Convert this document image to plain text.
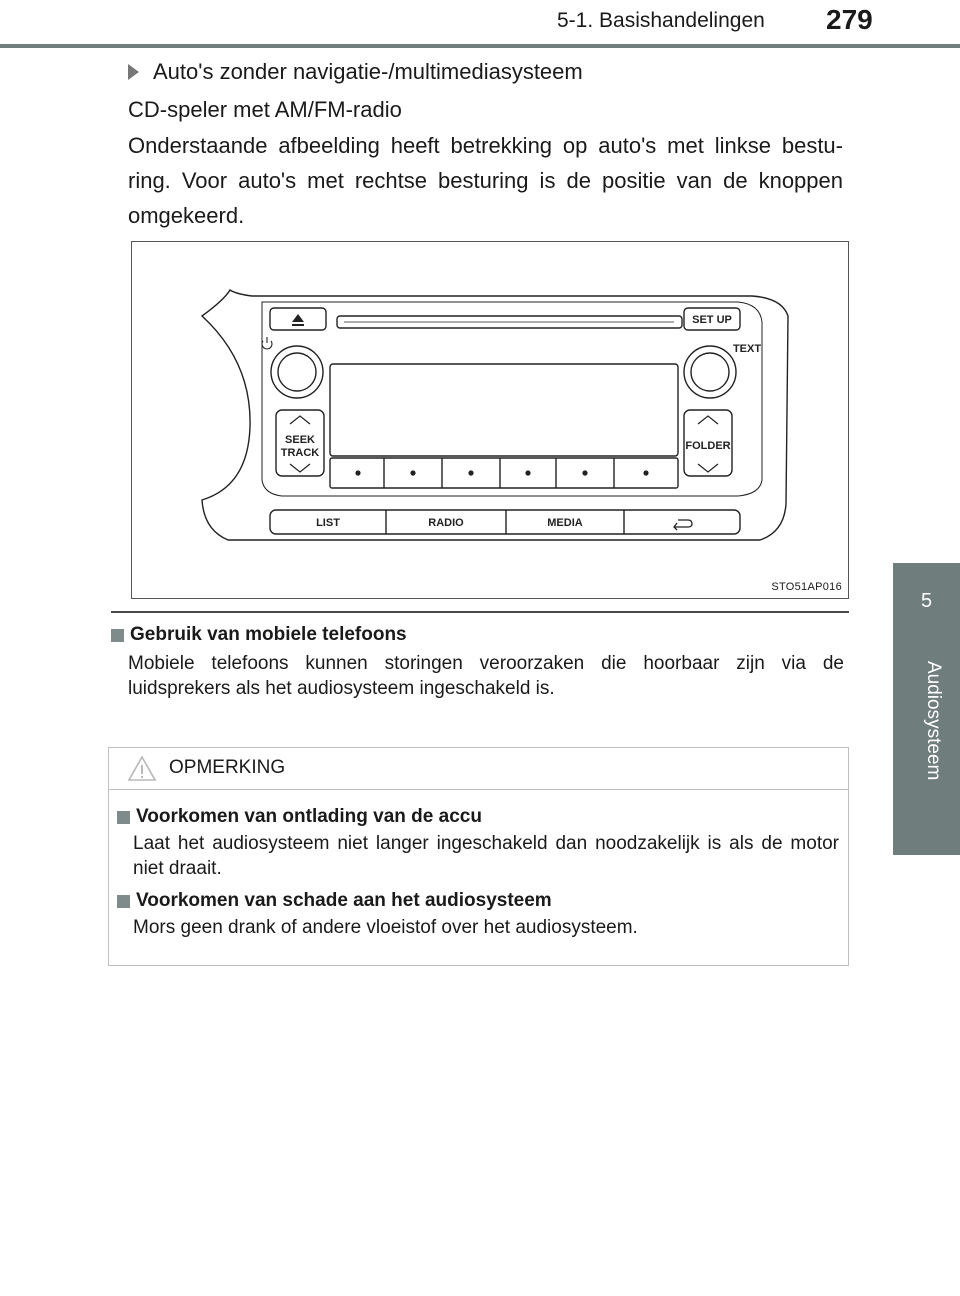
5-1. Basishandelingen 279
5
Audiosysteem
Auto's zonder navigatie-/multimediasysteem
CD-speler met AM/FM-radio
Onderstaande afbeelding heeft betrekking op auto's met linkse bestu-ring. Voor auto's met rechtse besturing is de positie van de knoppen omgekeerd.
SET UP
TEXT
SEEK
TRACK
FOLDER
LIST	RADIO	MEDIA
STO51AP016
Gebruik van mobiele telefoons
Mobiele telefoons kunnen storingen veroorzaken die hoorbaar zijn via de luidsprekers als het audiosysteem ingeschakeld is.
OPMERKING
Voorkomen van ontlading van de accu
Laat het audiosysteem niet langer ingeschakeld dan noodzakelijk is als de motor niet draait.
Voorkomen van schade aan het audiosysteem
Mors geen drank of andere vloeistof over het audiosysteem.
